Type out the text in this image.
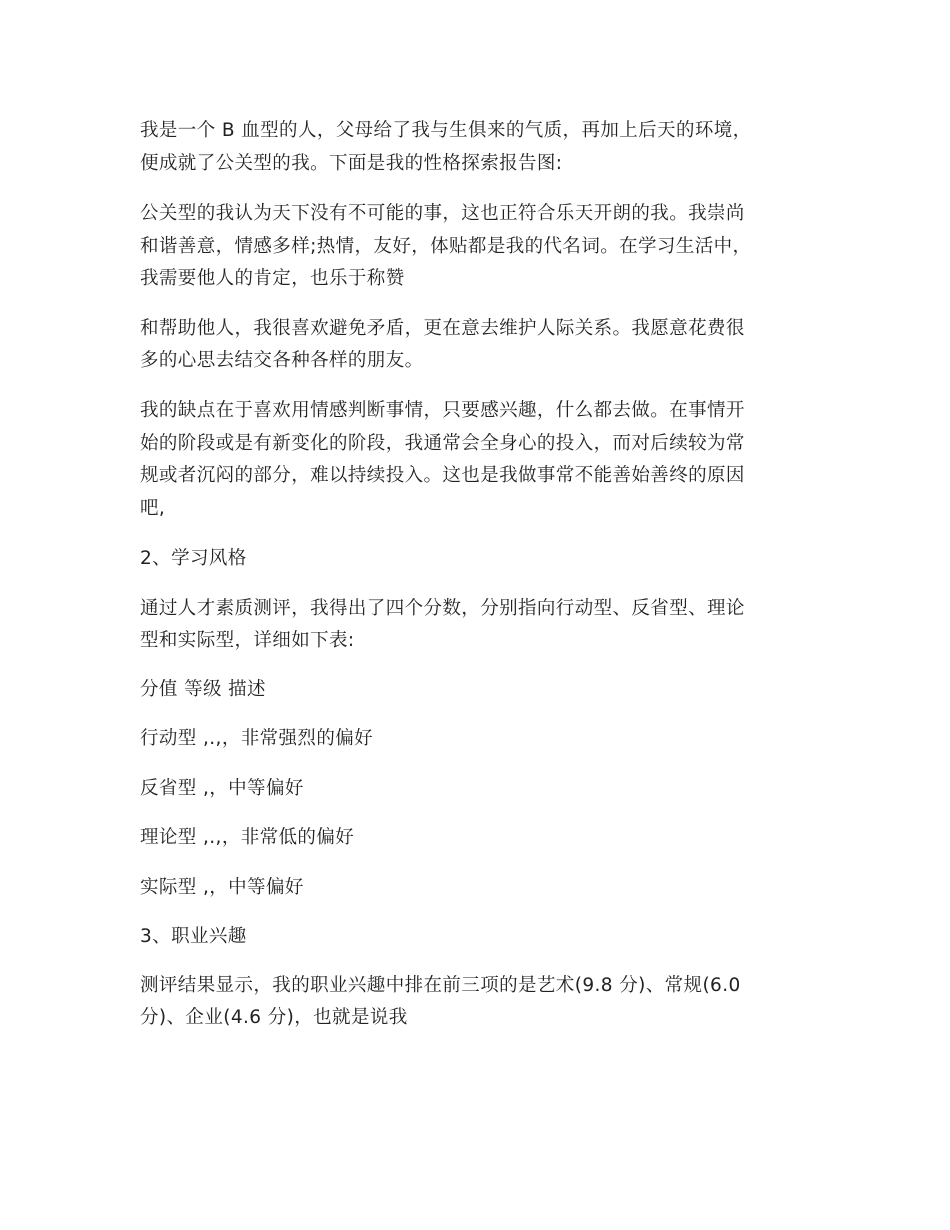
我是一个 B 血型的人，父母给了我与生俱来的气质，再加上后天的环境，
便成就了公关型的我。下面是我的性格探索报告图:
公关型的我认为天下没有不可能的事，这也正符合乐天开朗的我。我崇尚
和谐善意，情感多样;热情，友好，体贴都是我的代名词。在学习生活中，
我需要他人的肯定，也乐于称赞
和帮助他人，我很喜欢避免矛盾，更在意去维护人际关系。我愿意花费很
多的心思去结交各种各样的朋友。
我的缺点在于喜欢用情感判断事情，只要感兴趣，什么都去做。在事情开
始的阶段或是有新变化的阶段，我通常会全身心的投入，而对后续较为常
规或者沉闷的部分，难以持续投入。这也是我做事常不能善始善终的原因
吧,
2、学习风格
通过人才素质测评，我得出了四个分数，分别指向行动型、反省型、理论
型和实际型，详细如下表:
分值 等级 描述
行动型 ,.,，非常强烈的偏好
反省型 ,，中等偏好
理论型 ,.,，非常低的偏好
实际型 ,，中等偏好
3、职业兴趣
测评结果显示，我的职业兴趣中排在前三项的是艺术(9.8 分)、常规(6.0
分)、企业(4.6 分)，也就是说我
